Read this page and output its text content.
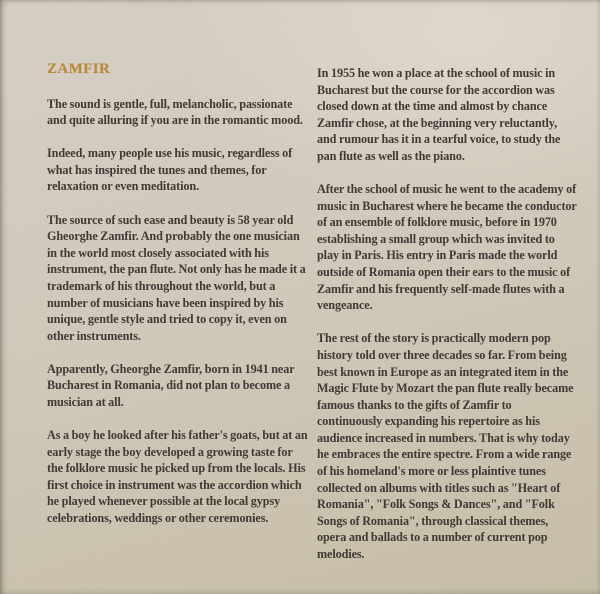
ZAMFIR

The sound is gentle, full, melancholic, passionate and quite alluring if you are in the romantic mood.

Indeed, many people use his music, regardless of what has inspired the tunes and themes, for relaxation or even meditation.

The source of such ease and beauty is 58 year old Gheorghe Zamfir. And probably the one musician in the world most closely associated with his instrument, the pan flute. Not only has he made it a trademark of his throughout the world, but a number of musicians have been inspired by his unique, gentle style and tried to copy it, even on other instruments.

Apparently, Gheorghe Zamfir, born in 1941 near Bucharest in Romania, did not plan to become a musician at all.

As a boy he looked after his father's goats, but at an early stage the boy developed a growing taste for the folklore music he picked up from the locals. His first choice in instrument was the accordion which he played whenever possible at the local gypsy celebrations, weddings or other ceremonies.

In 1955 he won a place at the school of music in Bucharest but the course for the accordion was closed down at the time and almost by chance Zamfir chose, at the beginning very reluctantly, and rumour has it in a tearful voice, to study the pan flute as well as the piano.

After the school of music he went to the academy of music in Bucharest where he became the conductor of an ensemble of folklore music, before in 1970 establishing a small group which was invited to play in Paris. His entry in Paris made the world outside of Romania open their ears to the music of Zamfir and his frequently self-made flutes with a vengeance.

The rest of the story is practically modern pop history told over three decades so far. From being best known in Europe as an integrated item in the Magic Flute by Mozart the pan flute really became famous thanks to the gifts of Zamfir to continuously expanding his repertoire as his audience increased in numbers. That is why today he embraces the entire spectre. From a wide range of his homeland's more or less plaintive tunes collected on albums with titles such as "Heart of Romania", "Folk Songs & Dances", and "Folk Songs of Romania", through classical themes, opera and ballads to a number of current pop melodies.
